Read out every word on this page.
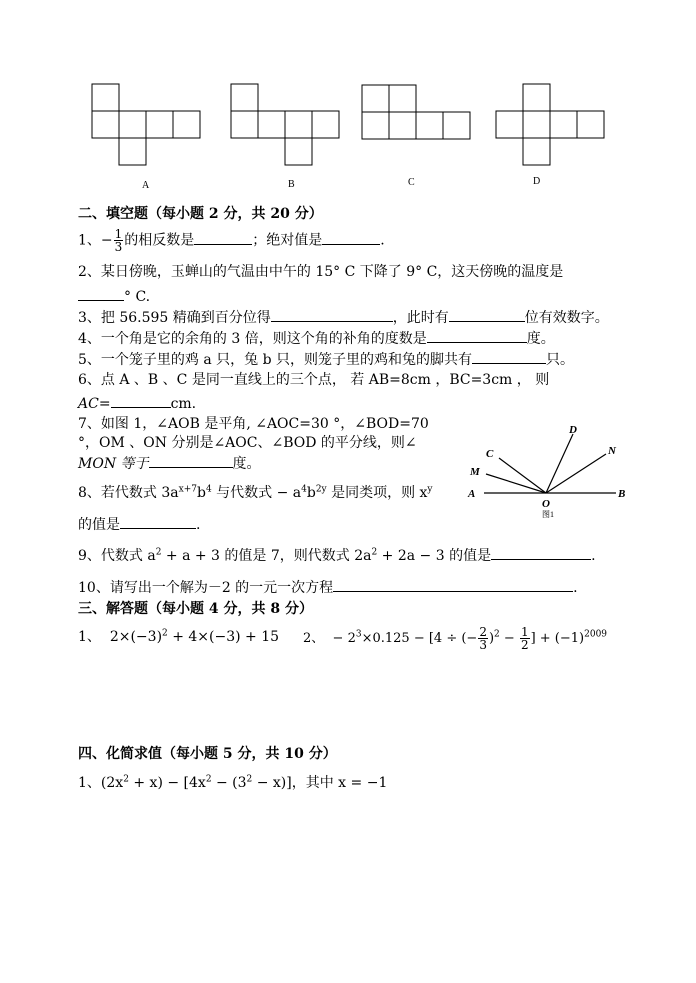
A	B	C	D
二、填空题（每小题 2 分，共 20 分）
1、− $\frac{1}{3}$ 的相反数是	；绝对值是	.
2、某日傍晚，玉蝉山的气温由中午的 15° C 下降了 9° C，这天傍晚的温度是
° C.
3、把 56.595 精确到百分位得	，此时有	位有效数字。
4、一个角是它的余角的 3 倍，则这个角的补角的度数是	度。
5、一个笼子里的鸡 a 只，兔 b 只，则笼子里的鸡和兔的脚共有	只。
6、点 A 、B 、C 是同一直线上的三个点， 若 AB=8cm ，BC=3cm ， 则
AC=	cm.
7、如图 1，∠AOB 是平角, ∠AOC=30 °，∠BOD=70
°，OM 、ON 分别是∠AOC、∠BOD 的平分线，则∠
MON 等于	度。
D
N
C
M
A
O
B
图1
8、若代数式 $3a^{x+7}b^4$ 与代数式 − $a^4b^{2y}$ 是同类项，则 $x^y$
的值是	.
9、代数式 $a^2 + a + 3$ 的值是 7，则代数式 $2a^2 + 2a - 3$ 的值是	.
10、请写出一个解为－2 的一元一次方程	.
三、解答题（每小题 4 分，共 8 分）
1、 $2\times(-3)^2 + 4\times(-3) + 15$ 2、 − $2^3\times 0.125 - [4$ ÷ (− $\frac{2}{3} )^2 - \frac{1}{2}$ ] + $(-1)^{2009}$
四、化简求值（每小题 5 分，共 10 分）
1、$(2x^2 + x) - [4x^2 - (3^2 - x)]$，其中 x = −1
